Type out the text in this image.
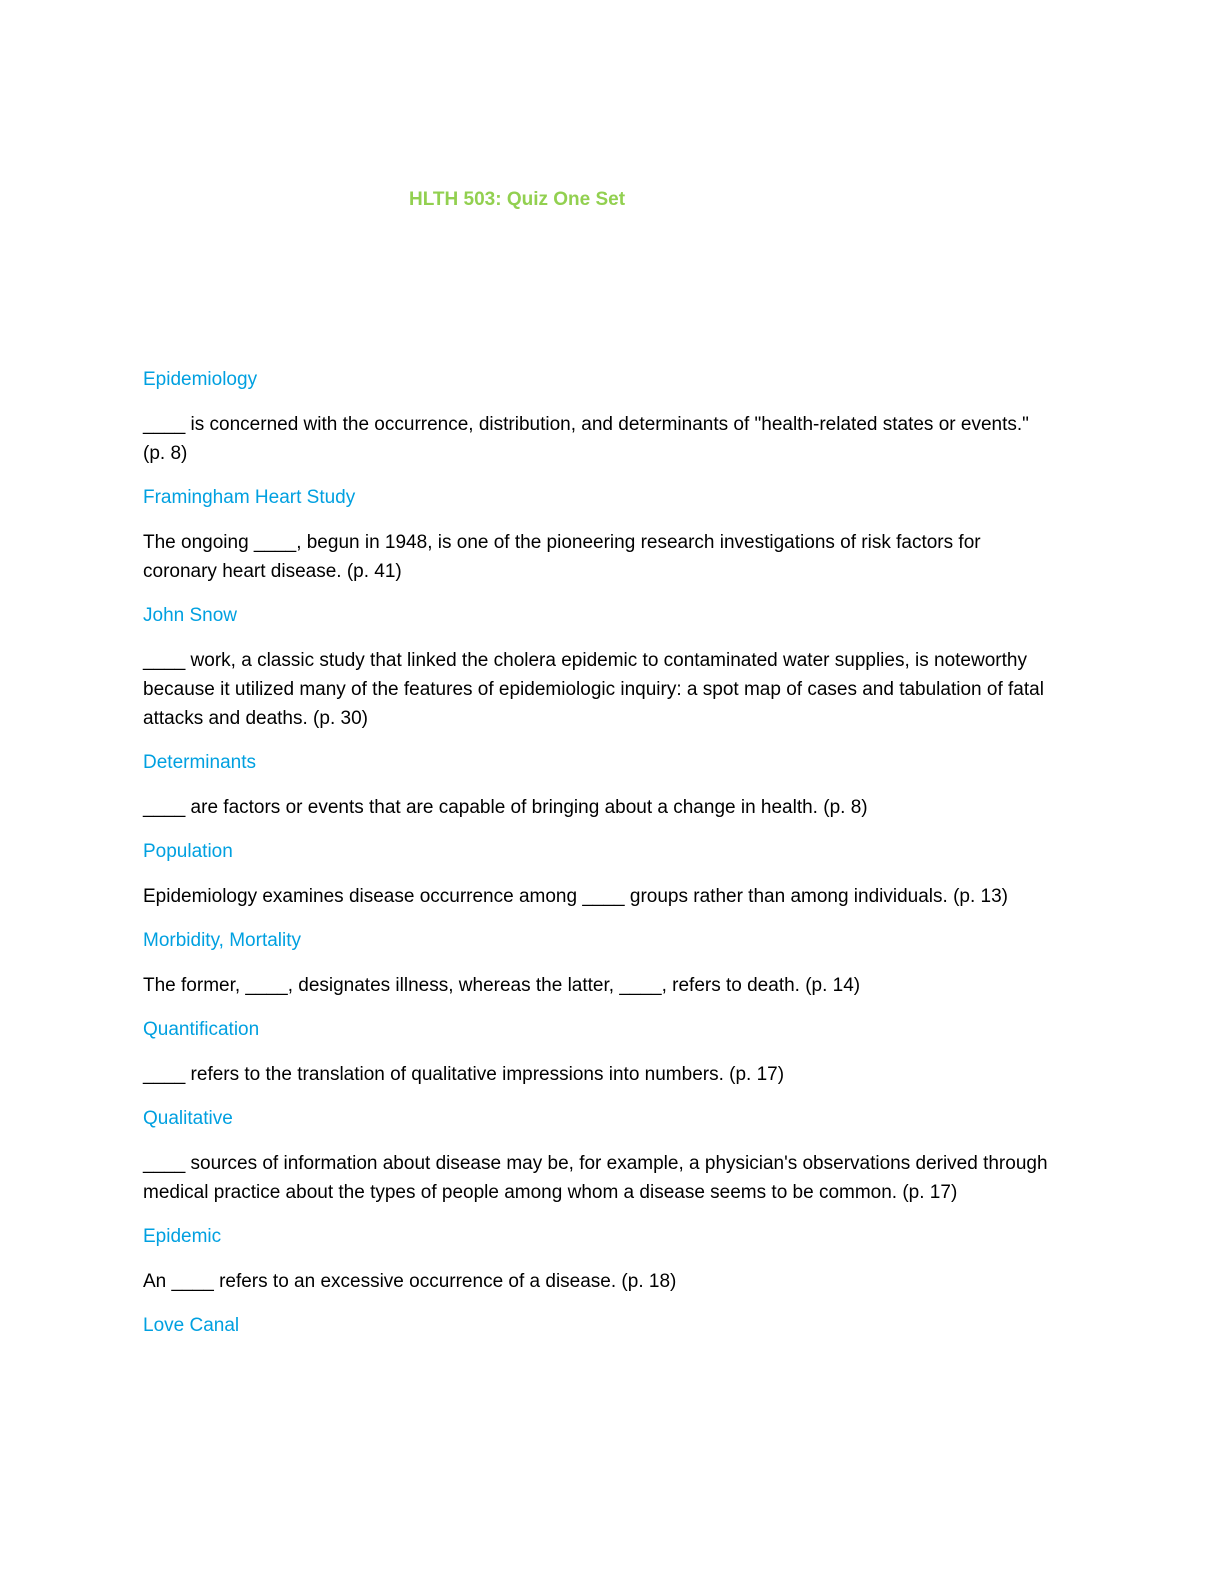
HLTH 503: Quiz One Set

Epidemiology

____ is concerned with the occurrence, distribution, and determinants of "health-related states or events." (p. 8)

Framingham Heart Study

The ongoing ____, begun in 1948, is one of the pioneering research investigations of risk factors for coronary heart disease. (p. 41)

John Snow

____ work, a classic study that linked the cholera epidemic to contaminated water supplies, is noteworthy because it utilized many of the features of epidemiologic inquiry: a spot map of cases and tabulation of fatal attacks and deaths. (p. 30)

Determinants

____ are factors or events that are capable of bringing about a change in health. (p. 8)

Population

Epidemiology examines disease occurrence among ____ groups rather than among individuals. (p. 13)

Morbidity, Mortality

The former, ____, designates illness, whereas the latter, ____, refers to death. (p. 14)

Quantification

____ refers to the translation of qualitative impressions into numbers. (p. 17)

Qualitative

____ sources of information about disease may be, for example, a physician's observations derived through medical practice about the types of people among whom a disease seems to be common. (p. 17)

Epidemic

An ____ refers to an excessive occurrence of a disease. (p. 18)

Love Canal
